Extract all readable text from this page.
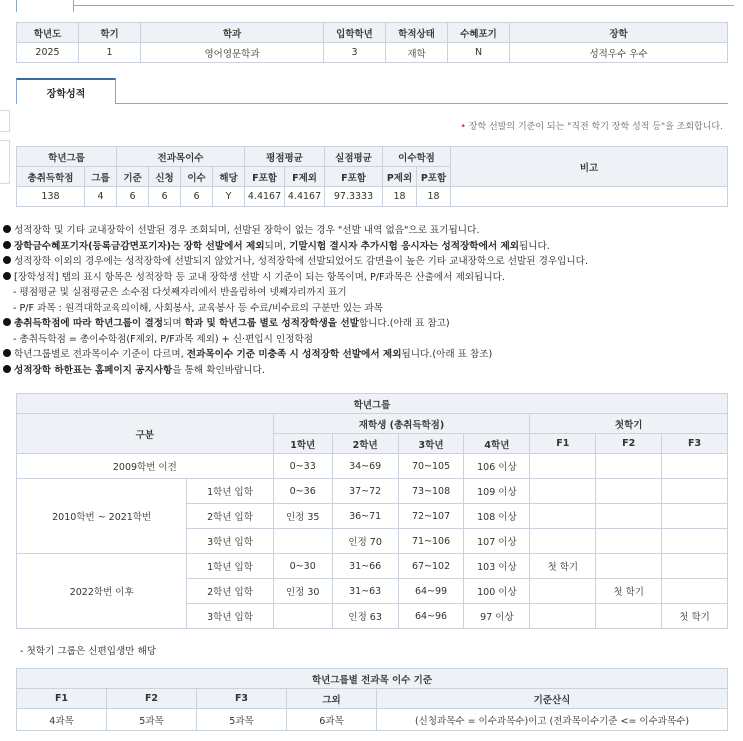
학년도	학기	학과	입학학년	학적상태	수혜포기	장학
2025	1	영어영문학과	3	재학	N	성적우수 우수
장학성적
• 장학 선발의 기준이 되는 "직전 학기 장학 성적 등"을 조회합니다.
학년그룹		전과목이수				평점평균		실점평균	이수학점		비고
총취득학점	그룹	기준	신청	이수	해당	F포함	F제외	F포함	P제외	P포함	
138	4	6	6	6	Y	4.4167	4.4167	97.3333	18	18	
성적장학 및 기타 교내장학이 선발된 경우 조회되며, 선발된 장학이 없는 경우 "선발 내역 없음"으로 표기됩니다.
장학금수혜포기자(등록금감면포기자)는 장학 선발에서 제외되며, 기말시험 결시자 추가시험 응시자는 성적장학에서 제외됩니다.
성적장학 이외의 경우에는 성적장학에 선발되지 않았거나, 성적장학에 선발되었어도 감면율이 높은 기타 교내장학으로 선발된 경우입니다.
[장학성적] 탭의 표시 항목은 성적장학 등 교내 장학생 선발 시 기준이 되는 항목이며, P/F과목은 산출에서 제외됩니다.
- 평점평균 및 실점평균은 소수점 다섯째자리에서 반올림하여 넷째자리까지 표기
- P/F 과목 : 원격대학교육의이해, 사회봉사, 교육봉사 등 수료/비수료의 구분만 있는 과목
총취득학점에 따라 학년그룹이 결정되며 학과 및 학년그룹 별로 성적장학생을 선발합니다.(아래 표 참고)
- 총취득학점 = 총이수학점(F제외, P/F과목 제외) + 신·편입시 인정학점
학년그룹별로 전과목이수 기준이 다르며, 전과목이수 기준 미충족 시 성적장학 선발에서 제외됩니다.(아래 표 참조)
성적장학 하한표는 홈페이지 공지사항을 통해 확인바랍니다.
학년그룹								
구분		재학생 (총취득학점)				첫학기		
		1학년	2학년	3학년	4학년	F1	F2	F3
2009학번 이전		0~33	34~69	70~105	106 이상			
2010학번 ~ 2021학번	1학년 입학	0~36	37~72	73~108	109 이상			
	2학년 입학	인정 35	36~71	72~107	108 이상			
	3학년 입학		인정 70	71~106	107 이상			
2022학번 이후	1학년 입학	0~30	31~66	67~102	103 이상	첫 학기		
	2학년 입학	인정 30	31~63	64~99	100 이상		첫 학기	
	3학년 입학		인정 63	64~96	97 이상			첫 학기
- 첫학기 그룹은 신편입생만 해당
학년그룹별 전과목 이수 기준				
F1	F2	F3	그외	기준산식
4과목	5과목	5과목	6과목	(신청과목수 = 이수과목수)이고 (전과목이수기준 <= 이수과목수)
